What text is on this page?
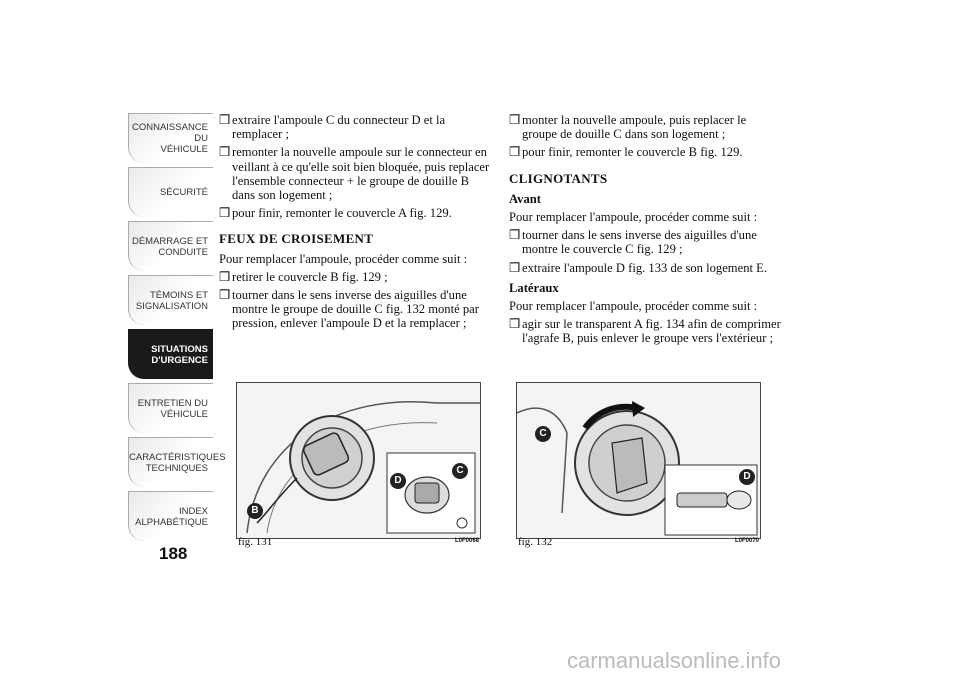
CONNAISSANCE DU
VÉHICULE
SÉCURITÉ
DÉMARRAGE ET
CONDUITE
TÉMOINS ET
SIGNALISATION
SITUATIONS
D'URGENCE
ENTRETIEN DU
VÉHICULE
CARACTÉRISTIQUES
TECHNIQUES
INDEX
ALPHABÉTIQUE
188
❒ extraire l'ampoule C du connecteur D et la remplacer ;
❒ remonter la nouvelle ampoule sur le connecteur en veillant à ce qu'elle soit bien bloquée, puis replacer l'ensemble connecteur + le groupe de douille B dans son logement ;
❒ pour finir, remonter le couvercle A fig. 129.
FEUX DE CROISEMENT
Pour remplacer l'ampoule, procéder comme suit :
❒ retirer le couvercle B fig. 129 ;
❒ tourner dans le sens inverse des aiguilles d'une montre le groupe de douille C fig. 132 monté par pression, enlever l'ampoule D et la remplacer ;
❒ monter la nouvelle ampoule, puis replacer le groupe de douille C dans son logement ;
❒ pour finir, remonter le couvercle B fig. 129.
CLIGNOTANTS
Avant
Pour remplacer l'ampoule, procéder comme suit :
❒ tourner dans le sens inverse des aiguilles d'une montre le couvercle C fig. 129 ;
❒ extraire l'ampoule D fig. 133 de son logement E.
Latéraux
Pour remplacer l'ampoule, procéder comme suit :
❒ agir sur le transparent A fig. 134 afin de comprimer l'agrafe B, puis enlever le groupe vers l'extérieur ;
B
D
C
fig. 131	L0F0068
C
D
fig. 132	L0F0070
carmanualsonline.info
